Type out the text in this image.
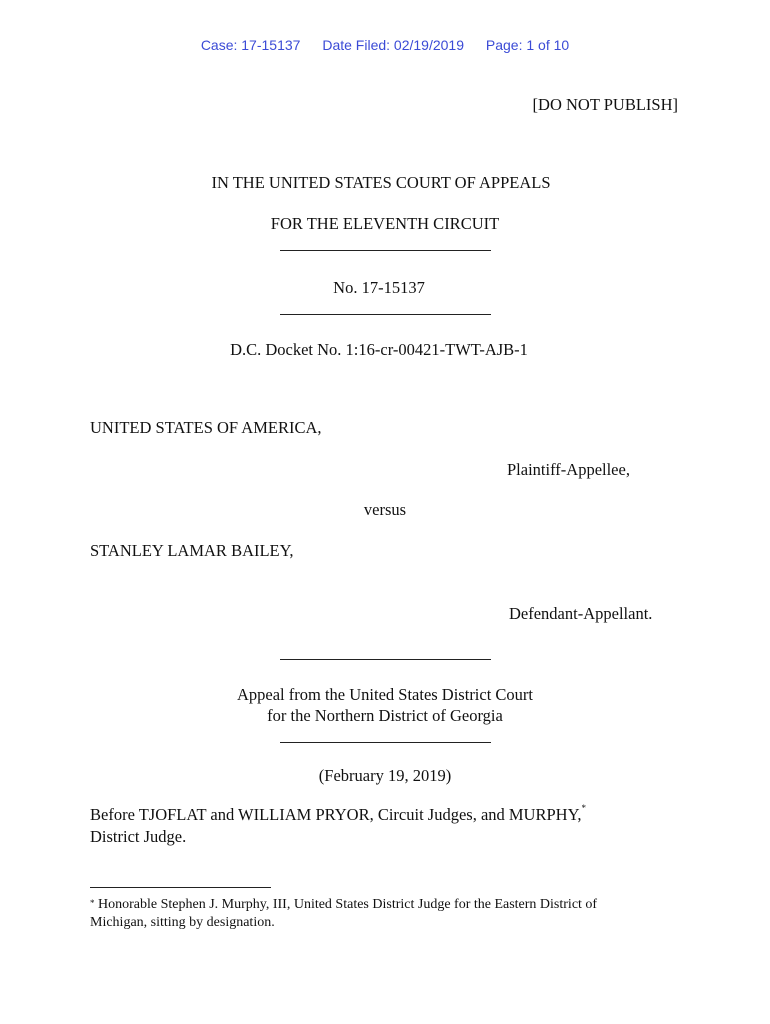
Case: 17-15137 Date Filed: 02/19/2019 Page: 1 of 10
[DO NOT PUBLISH]
IN THE UNITED STATES COURT OF APPEALS
FOR THE ELEVENTH CIRCUIT
No. 17-15137
D.C. Docket No. 1:16-cr-00421-TWT-AJB-1
UNITED STATES OF AMERICA,
Plaintiff-Appellee,
versus
STANLEY LAMAR BAILEY,
Defendant-Appellant.
Appeal from the United States District Court
for the Northern District of Georgia
(February 19, 2019)
Before TJOFLAT and WILLIAM PRYOR, Circuit Judges, and MURPHY,*
District Judge.
* Honorable Stephen J. Murphy, III, United States District Judge for the Eastern District of
Michigan, sitting by designation.
